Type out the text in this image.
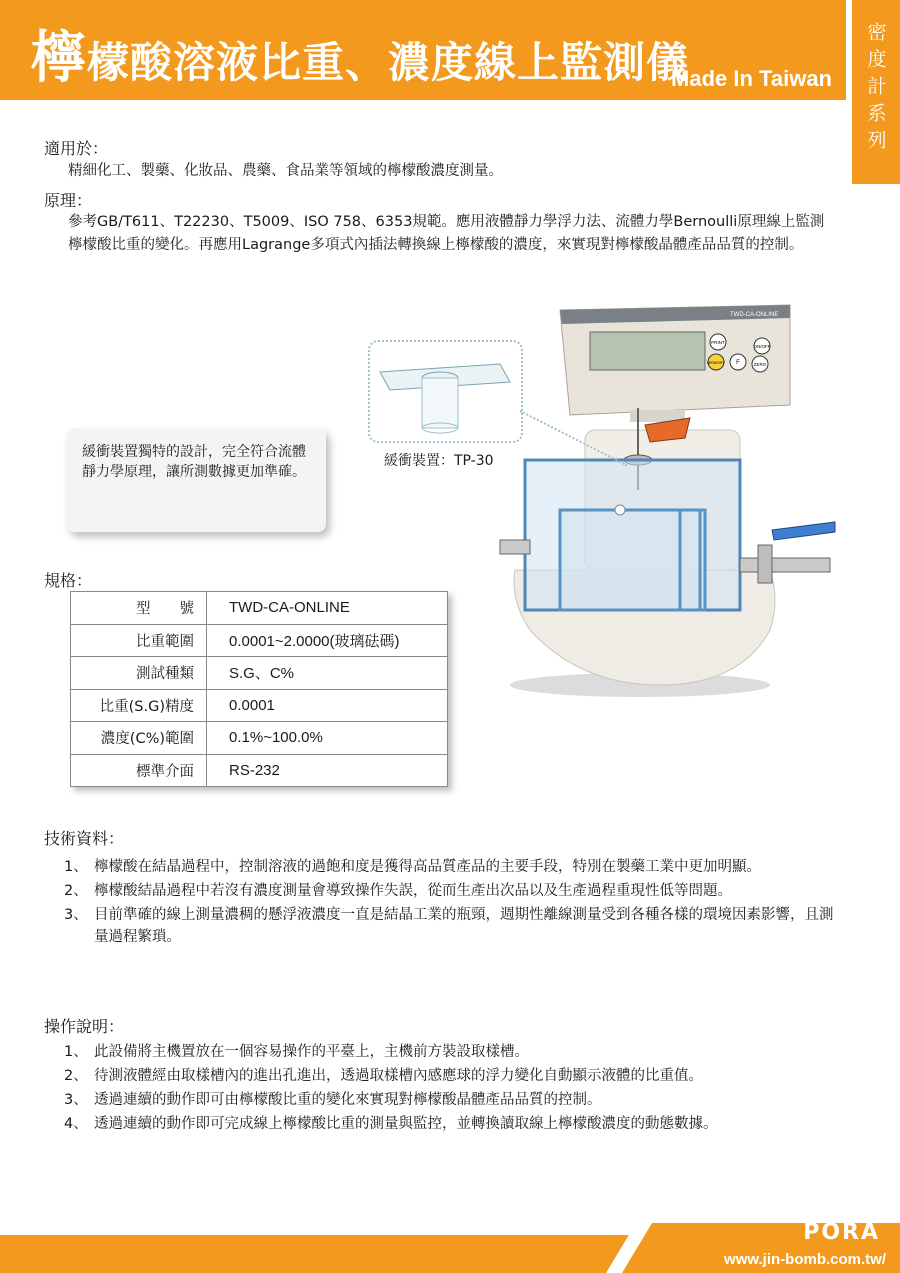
檸檬酸溶液比重、濃度線上監測儀
Made In Taiwan 密度計系列
適用於：
精細化工、製藥、化妝品、農藥、食品業等領域的檸檬酸濃度測量。
原理：
參考GB/T611、T22230、T5009、ISO 758、6353規範。應用液體靜力學浮力法、流體力學Bernoulli原理線上監測檸檬酸比重的變化。再應用Lagrange多項式內插法轉換線上檸檬酸的濃度，來實現對檸檬酸晶體產品品質的控制。
TWD-CA-ONLINE
PRINT
ON/OFF
MEMORY F	ZERO
緩衝裝置：TP-30
緩衝裝置獨特的設計，完全符合流體靜力學原理，讓所測數據更加準確。
規格：
型　　號	TWD-CA-ONLINE
比重範圍	0.0001~2.0000(玻璃砝碼)
測試種類	S.G、C%
比重(S.G)精度	0.0001
濃度(C%)範圍	0.1%~100.0%
標準介面	RS-232
技術資料：
1、 檸檬酸在結晶過程中，控制溶液的過飽和度是獲得高品質產品的主要手段，特別在製藥工業中更加明顯。
2、 檸檬酸結晶過程中若沒有濃度測量會導致操作失誤，從而生產出次品以及生產過程重現性低等問題。
3、 目前準確的線上測量濃稠的懸浮液濃度一直是結晶工業的瓶頸，週期性離線測量受到各種各樣的環境因素影響，且測量過程繁瑣。
操作說明：
1、 此設備將主機置放在一個容易操作的平臺上，主機前方裝設取樣槽。
2、 待測液體經由取樣槽內的進出孔進出，透過取樣槽內感應球的浮力變化自動顯示液體的比重值。
3、 透過連續的動作即可由檸檬酸比重的變化來實現對檸檬酸晶體產品品質的控制。
4、 透過連續的動作即可完成線上檸檬酸比重的測量與監控，並轉換讀取線上檸檬酸濃度的動態數據。
PORA
www.jin-bomb.com.tw/
